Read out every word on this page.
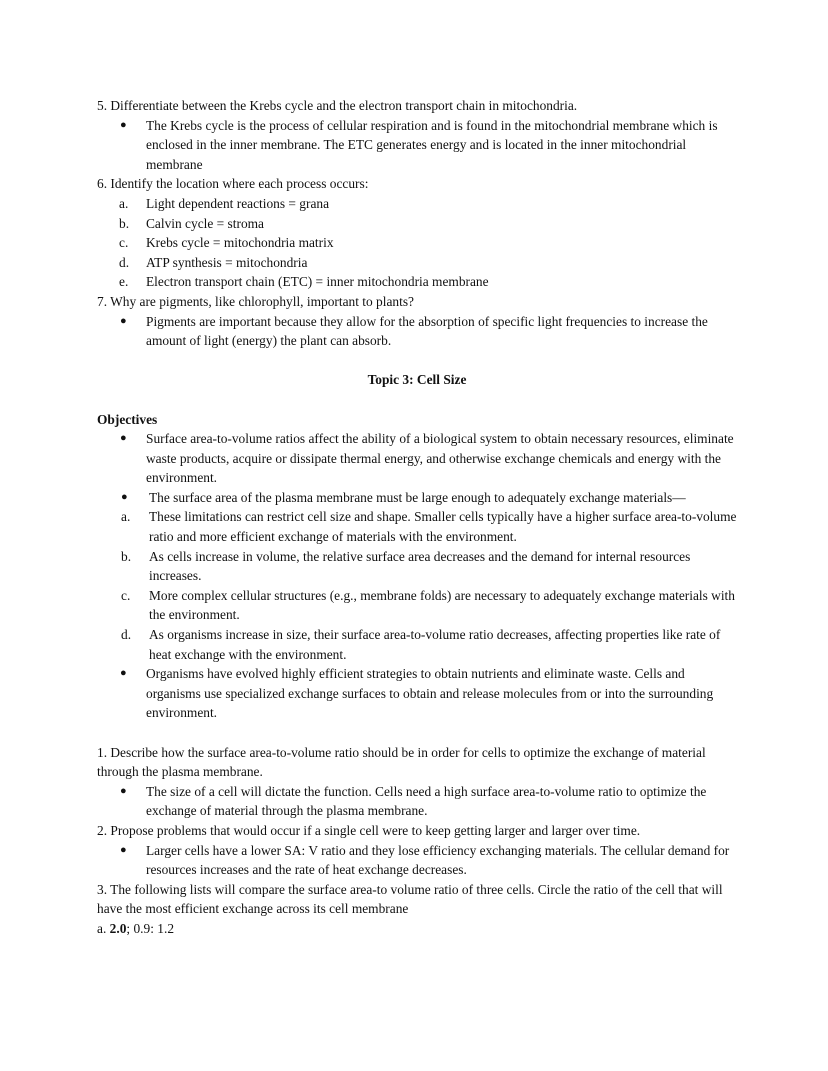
5. Differentiate between the Krebs cycle and the electron transport chain in mitochondria.

● The Krebs cycle is the process of cellular respiration and is found in the mitochondrial membrane which is enclosed in the inner membrane. The ETC generates energy and is located in the inner mitochondrial membrane

6. Identify the location where each process occurs:

a. Light dependent reactions = grana
b. Calvin cycle = stroma
c. Krebs cycle = mitochondria matrix
d. ATP synthesis = mitochondria
e. Electron transport chain (ETC) = inner mitochondria membrane

7. Why are pigments, like chlorophyll, important to plants?

● Pigments are important because they allow for the absorption of specific light frequencies to increase the amount of light (energy) the plant can absorb.

Topic 3: Cell Size

Objectives

● Surface area-to-volume ratios affect the ability of a biological system to obtain necessary resources, eliminate waste products, acquire or dissipate thermal energy, and otherwise exchange chemicals and energy with the environment.
● The surface area of the plasma membrane must be large enough to adequately exchange materials—
a. These limitations can restrict cell size and shape. Smaller cells typically have a higher surface area-to-volume ratio and more efficient exchange of materials with the environment.
b. As cells increase in volume, the relative surface area decreases and the demand for internal resources increases.
c. More complex cellular structures (e.g., membrane folds) are necessary to adequately exchange materials with the environment.
d. As organisms increase in size, their surface area-to-volume ratio decreases, affecting properties like rate of heat exchange with the environment.
● Organisms have evolved highly efficient strategies to obtain nutrients and eliminate waste. Cells and organisms use specialized exchange surfaces to obtain and release molecules from or into the surrounding environment.

1. Describe how the surface area-to-volume ratio should be in order for cells to optimize the exchange of material through the plasma membrane.

● The size of a cell will dictate the function. Cells need a high surface area-to-volume ratio to optimize the exchange of material through the plasma membrane.

2. Propose problems that would occur if a single cell were to keep getting larger and larger over time.

● Larger cells have a lower SA: V ratio and they lose efficiency exchanging materials. The cellular demand for resources increases and the rate of heat exchange decreases.

3. The following lists will compare the surface area-to volume ratio of three cells. Circle the ratio of the cell that will have the most efficient exchange across its cell membrane

a. 2.0; 0.9: 1.2
